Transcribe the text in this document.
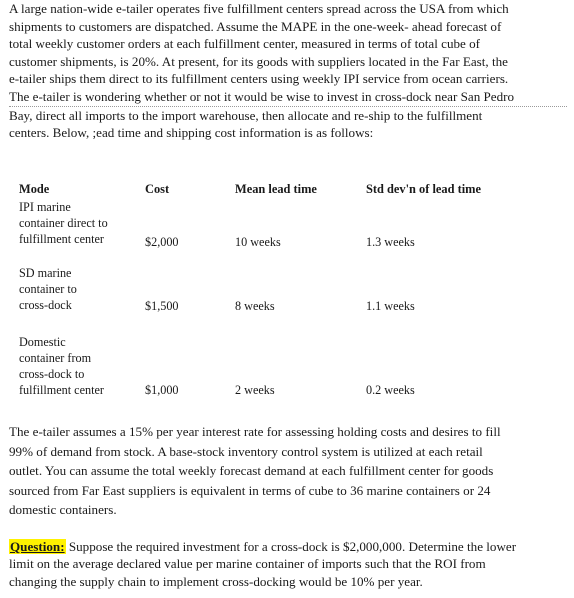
A large nation-wide e-tailer operates five fulfillment centers spread across the USA from which
shipments to customers are dispatched. Assume the MAPE in the one-week- ahead forecast of
total weekly customer orders at each fulfillment center, measured in terms of total cube of
customer shipments, is 20%. At present, for its goods with suppliers located in the Far East, the
e-tailer ships them direct to its fulfillment centers using weekly IPI service from ocean carriers.
The e-tailer is wondering whether or not it would be wise to invest in cross-dock near San Pedro
Bay, direct all imports to the import warehouse, then allocate and re-ship to the fulfillment
centers. Below, ;ead time and shipping cost information is as follows:
Mode	Cost	Mean lead time	Std dev'n of lead time
IPI marine
container direct to
fulfillment center	$2,000	10 weeks	1.3 weeks
SD marine
container to
cross-dock	$1,500	8 weeks	1.1 weeks
Domestic
container from
cross-dock to
fulfillment center	$1,000	2 weeks	0.2 weeks
The e-tailer assumes a 15% per year interest rate for assessing holding costs and desires to fill
99% of demand from stock. A base-stock inventory control system is utilized at each retail
outlet. You can assume the total weekly forecast demand at each fulfillment center for goods
sourced from Far East suppliers is equivalent in terms of cube to 36 marine containers or 24
domestic containers.
Question: Suppose the required investment for a cross-dock is $2,000,000. Determine the lower
limit on the average declared value per marine container of imports such that the ROI from
changing the supply chain to implement cross-docking would be 10% per year.
